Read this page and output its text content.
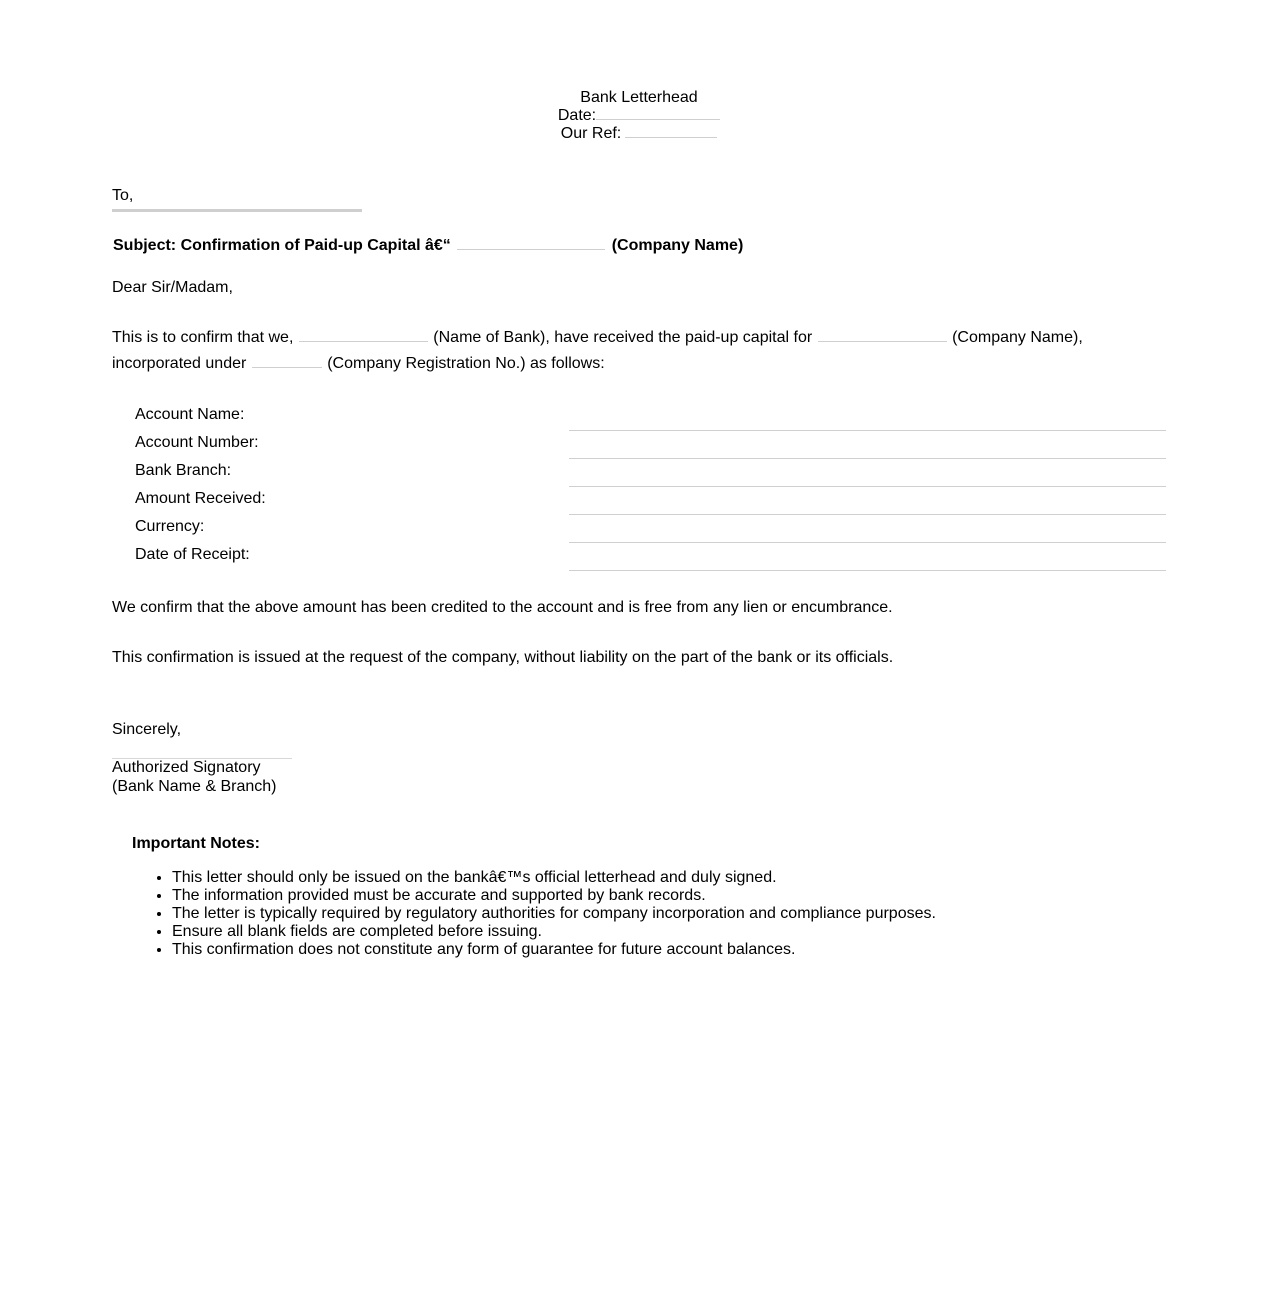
Bank Letterhead
Date:
Our Ref:
To,
Subject: Confirmation of Paid-up Capital â€“	(Company Name)
Dear Sir/Madam,
This is to confirm that we,	(Name of Bank), have received the paid-up capital for	(Company Name),
incorporated under	(Company Registration No.) as follows:
Account Name:
Account Number:
Bank Branch:
Amount Received:
Currency:
Date of Receipt:
We confirm that the above amount has been credited to the account and is free from any lien or encumbrance.
This confirmation is issued at the request of the company, without liability on the part of the bank or its officials.
Sincerely,
Authorized Signatory
(Bank Name & Branch)
Important Notes:
• This letter should only be issued on the bankâ€™s official letterhead and duly signed.
• The information provided must be accurate and supported by bank records.
• The letter is typically required by regulatory authorities for company incorporation and compliance purposes.
• Ensure all blank fields are completed before issuing.
• This confirmation does not constitute any form of guarantee for future account balances.
